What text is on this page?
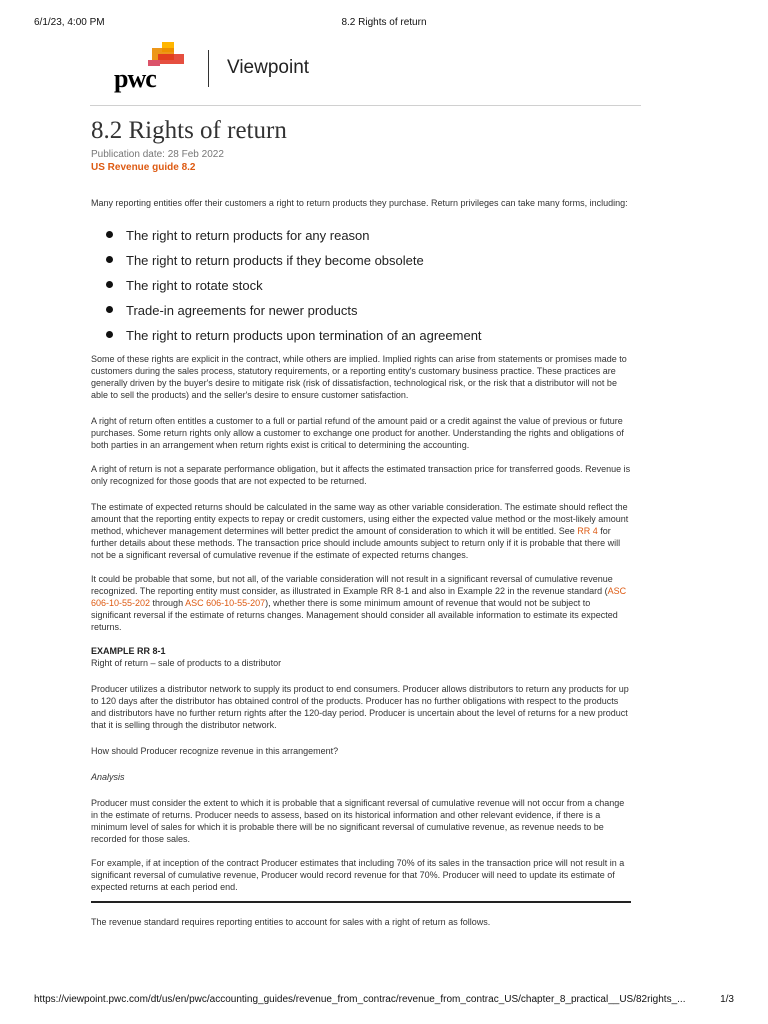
6/1/23, 4:00 PM	8.2 Rights of return
pwc	Viewpoint
8.2 Rights of return
Publication date: 28 Feb 2022
US Revenue guide 8.2

Many reporting entities offer their customers a right to return products they purchase. Return privileges can take many forms, including:

The right to return products for any reason
The right to return products if they become obsolete
The right to rotate stock
Trade-in agreements for newer products
The right to return products upon termination of an agreement

Some of these rights are explicit in the contract, while others are implied. Implied rights can arise from statements or promises made to customers during the sales process, statutory requirements, or a reporting entity's customary business practice. These practices are generally driven by the buyer's desire to mitigate risk (risk of dissatisfaction, technological risk, or the risk that a distributor will not be able to sell the products) and the seller's desire to ensure customer satisfaction.

A right of return often entitles a customer to a full or partial refund of the amount paid or a credit against the value of previous or future purchases. Some return rights only allow a customer to exchange one product for another. Understanding the rights and obligations of both parties in an arrangement when return rights exist is critical to determining the accounting.

A right of return is not a separate performance obligation, but it affects the estimated transaction price for transferred goods. Revenue is only recognized for those goods that are not expected to be returned.

The estimate of expected returns should be calculated in the same way as other variable consideration. The estimate should reflect the amount that the reporting entity expects to repay or credit customers, using either the expected value method or the most-likely amount method, whichever management determines will better predict the amount of consideration to which it will be entitled. See RR 4 for further details about these methods. The transaction price should include amounts subject to return only if it is probable that there will not be a significant reversal of cumulative revenue if the estimate of expected returns changes.

It could be probable that some, but not all, of the variable consideration will not result in a significant reversal of cumulative revenue recognized. The reporting entity must consider, as illustrated in Example RR 8-1 and also in Example 22 in the revenue standard (ASC 606-10-55-202 through ASC 606-10-55-207), whether there is some minimum amount of revenue that would not be subject to significant reversal if the estimate of returns changes. Management should consider all available information to estimate its expected returns.

EXAMPLE RR 8-1
Right of return – sale of products to a distributor

Producer utilizes a distributor network to supply its product to end consumers. Producer allows distributors to return any products for up to 120 days after the distributor has obtained control of the products. Producer has no further obligations with respect to the products and distributors have no further return rights after the 120-day period. Producer is uncertain about the level of returns for a new product that it is selling through the distributor network.

How should Producer recognize revenue in this arrangement?

Analysis

Producer must consider the extent to which it is probable that a significant reversal of cumulative revenue will not occur from a change in the estimate of returns. Producer needs to assess, based on its historical information and other relevant evidence, if there is a minimum level of sales for which it is probable there will be no significant reversal of cumulative revenue, as revenue needs to be recorded for those sales.

For example, if at inception of the contract Producer estimates that including 70% of its sales in the transaction price will not result in a significant reversal of cumulative revenue, Producer would record revenue for that 70%. Producer will need to update its estimate of expected returns at each period end.

The revenue standard requires reporting entities to account for sales with a right of return as follows.

https://viewpoint.pwc.com/dt/us/en/pwc/accounting_guides/revenue_from_contrac/revenue_from_contrac_US/chapter_8_practical__US/82rights_...	1/3
